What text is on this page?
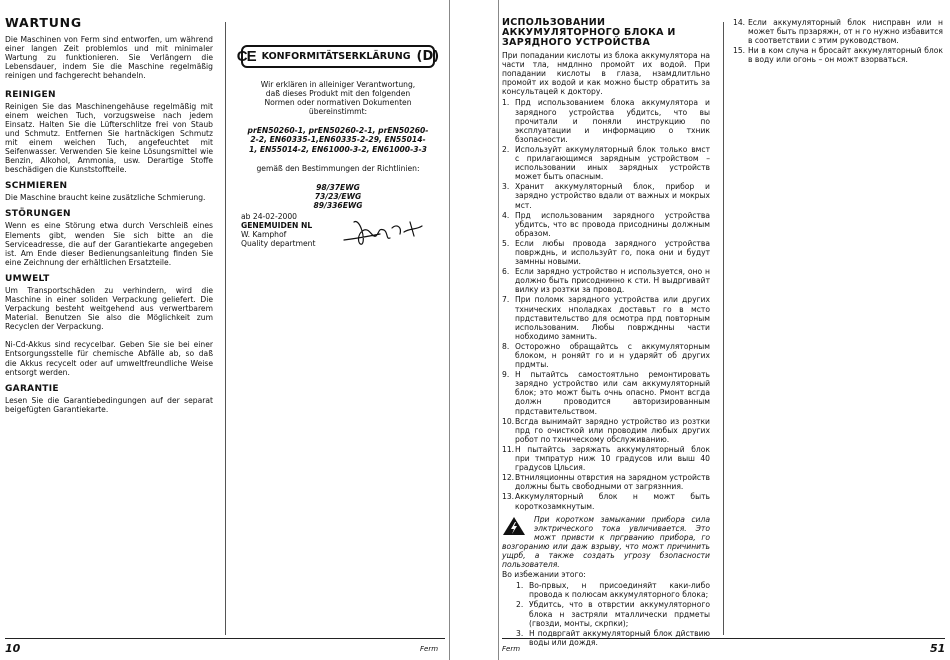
WARTUNG

Die Maschinen von Ferm sind entworfen, um während einer langen Zeit problemlos und mit minimaler Wartung zu funktionieren. Sie Verlängern die Lebensdauer, indem Sie die Maschine regelmäßig reinigen und fachgerecht behandeln.

REINIGEN

Reinigen Sie das Maschinengehäuse regelmäßig mit einem weichen Tuch, vorzugsweise nach jedem Einsatz. Halten Sie die Lüfterschlitze frei von Staub und Schmutz. Entfernen Sie hartnäckigen Schmutz mit einem weichen Tuch, angefeuchtet mit Seifenwasser. Verwenden Sie keine Lösungsmittel wie Benzin, Alkohol, Ammonia, usw. Derartige Stoffe beschädigen die Kunststoffteile.

SCHMIEREN

Die Maschine braucht keine zusätzliche Schmierung.

STÖRUNGEN

Wenn es eine Störung etwa durch Verschleiß eines Elements gibt, wenden Sie sich bitte an die Serviceadresse, die auf der Garantiekarte angegeben ist. Am Ende dieser Bedienungsanleitung finden Sie eine Zeichnung der erhältlichen Ersatzteile.

UMWELT

Um Transportschäden zu verhindern, wird die Maschine in einer soliden Verpackung geliefert. Die Verpackung besteht weitgehend aus verwertbarem Material. Benutzen Sie also die Möglichkeit zum Recyclen der Verpackung.

Ni-Cd-Akkus sind recycelbar. Geben Sie sie bei einer Entsorgungsstelle für chemische Abfälle ab, so daß die Akkus recycelt oder auf umweltfreundliche Weise entsorgt werden.

GARANTIE

Lesen Sie die Garantiebedingungen auf der separat beigefügten Garantiekarte.

CE KONFORMITÄTSERKLÄRUNG (D)

Wir erklären in alleiniger Verantwortung, daß dieses Produkt mit den folgenden Normen oder normativen Dokumenten übereinstimmt:

prEN50260-1, prEN50260-2-1, prEN50260-2-2, EN60335-1,EN60335-2-29, EN55014-1, EN55014-2, EN61000-3-2, EN61000-3-3

gemäß den Bestimmungen der Richtlinien:

98/37EWG
73/23/EWG
89/336EWG
ab 24-02-2000
GENEMUIDEN NL
W. Kamphof
Quality department
10	Ferm
ИСПОЛЬЗОВАНИИ АККУМУЛЯТОРНОГО БЛОКА И ЗАРЯДНОГО УСТРОЙСТВА

При попадании кислоты из блока аккумулятора на части тла, нмдлнно промойт их водой. При попадании кислоты в глаза, нзамдлитльно промойт их водой и как можно быстр обратить за консультацей к доктору.

1. Прд использованием блока аккумулятора и зарядного устройства убдитсь, что вы прочитали и поняли инструкцию по эксплуатации и информацию о тхник бзопасности.
2. Используйт аккумуляторный блок только вмст с прилагающимся зарядным устройством – использовании иных зарядных устройств может быть опасным.
3. Хранит аккумуляторный блок, прибор и зарядно устройство вдали от важных и мокрых мст.
4. Прд использованим зарядного устройства убдитсь, что вс провода присоднины должным образом.
5. Если любы провода зарядного устройства повржднь, и используйт го, пока они и будут замнны новыми.
6. Если зарядно устройство н используется, оно н должно быть присоднинно к сти. Н выдргивайт вилку из розтки за провод.
7. При поломк зарядного устройства или других тхнических нполадках доставьт го в мсто прдставительство для осмотра прд повторным использованим. Любы повржднны части нобходимо замнить.
8. Осторожно обращайтсь с аккумуляторным блоком, н роняйт го и н ударяйт об других прдмты.
9. Н пытайтсь самостоятльно ремонтировать зарядно устройство или сам аккумуляторный блок; это можт быть очнь опасно. Рмонт всгда должн проводится авторизированным прдставительством.
10. Всгда вынимайт зарядно устройство из розтки прд го очисткой или проводим любых других робот по тхническому обслуживанию.
11. Н пытайтсь заряжать аккумуляторный блок при тмпратур ниж 10 градусов или выш 40 градусов Цльсия.
12. Втниляционны отврстия на зарядном устройств должны быть свободными от загрязнния.
13. Аккумуляторный блок н можт быть короткозамкнутым.

При коротком замыкании прибора сила элктрического тока увличивается. Это можт привсти к пргрванию прибора, го возгоранию или даж взрыву, что можт причинить ущрб, а также создать угрозу бзопасности пользователя.

Во избежании этого:
1. Во-првых, н присоединяйт каки-либо провода к полюсам аккумуляторного блока;
2. Убдитсь, что в отврстии аккумуляторного блока н застряли мталлически прдметы (гвозди, монты, скрпки);
3. Н подвргайт аккумуляторный блок дйствию воды или дождя.
14. Если аккумуляторный блок нисправн или н может быть прзаряжн, от н го нужно избавится в соответствии с этим руководством.
15. Ни в ком случа н бросайт аккумуляторный блок в воду или огонь – он можт взорваться.
Ferm	51
